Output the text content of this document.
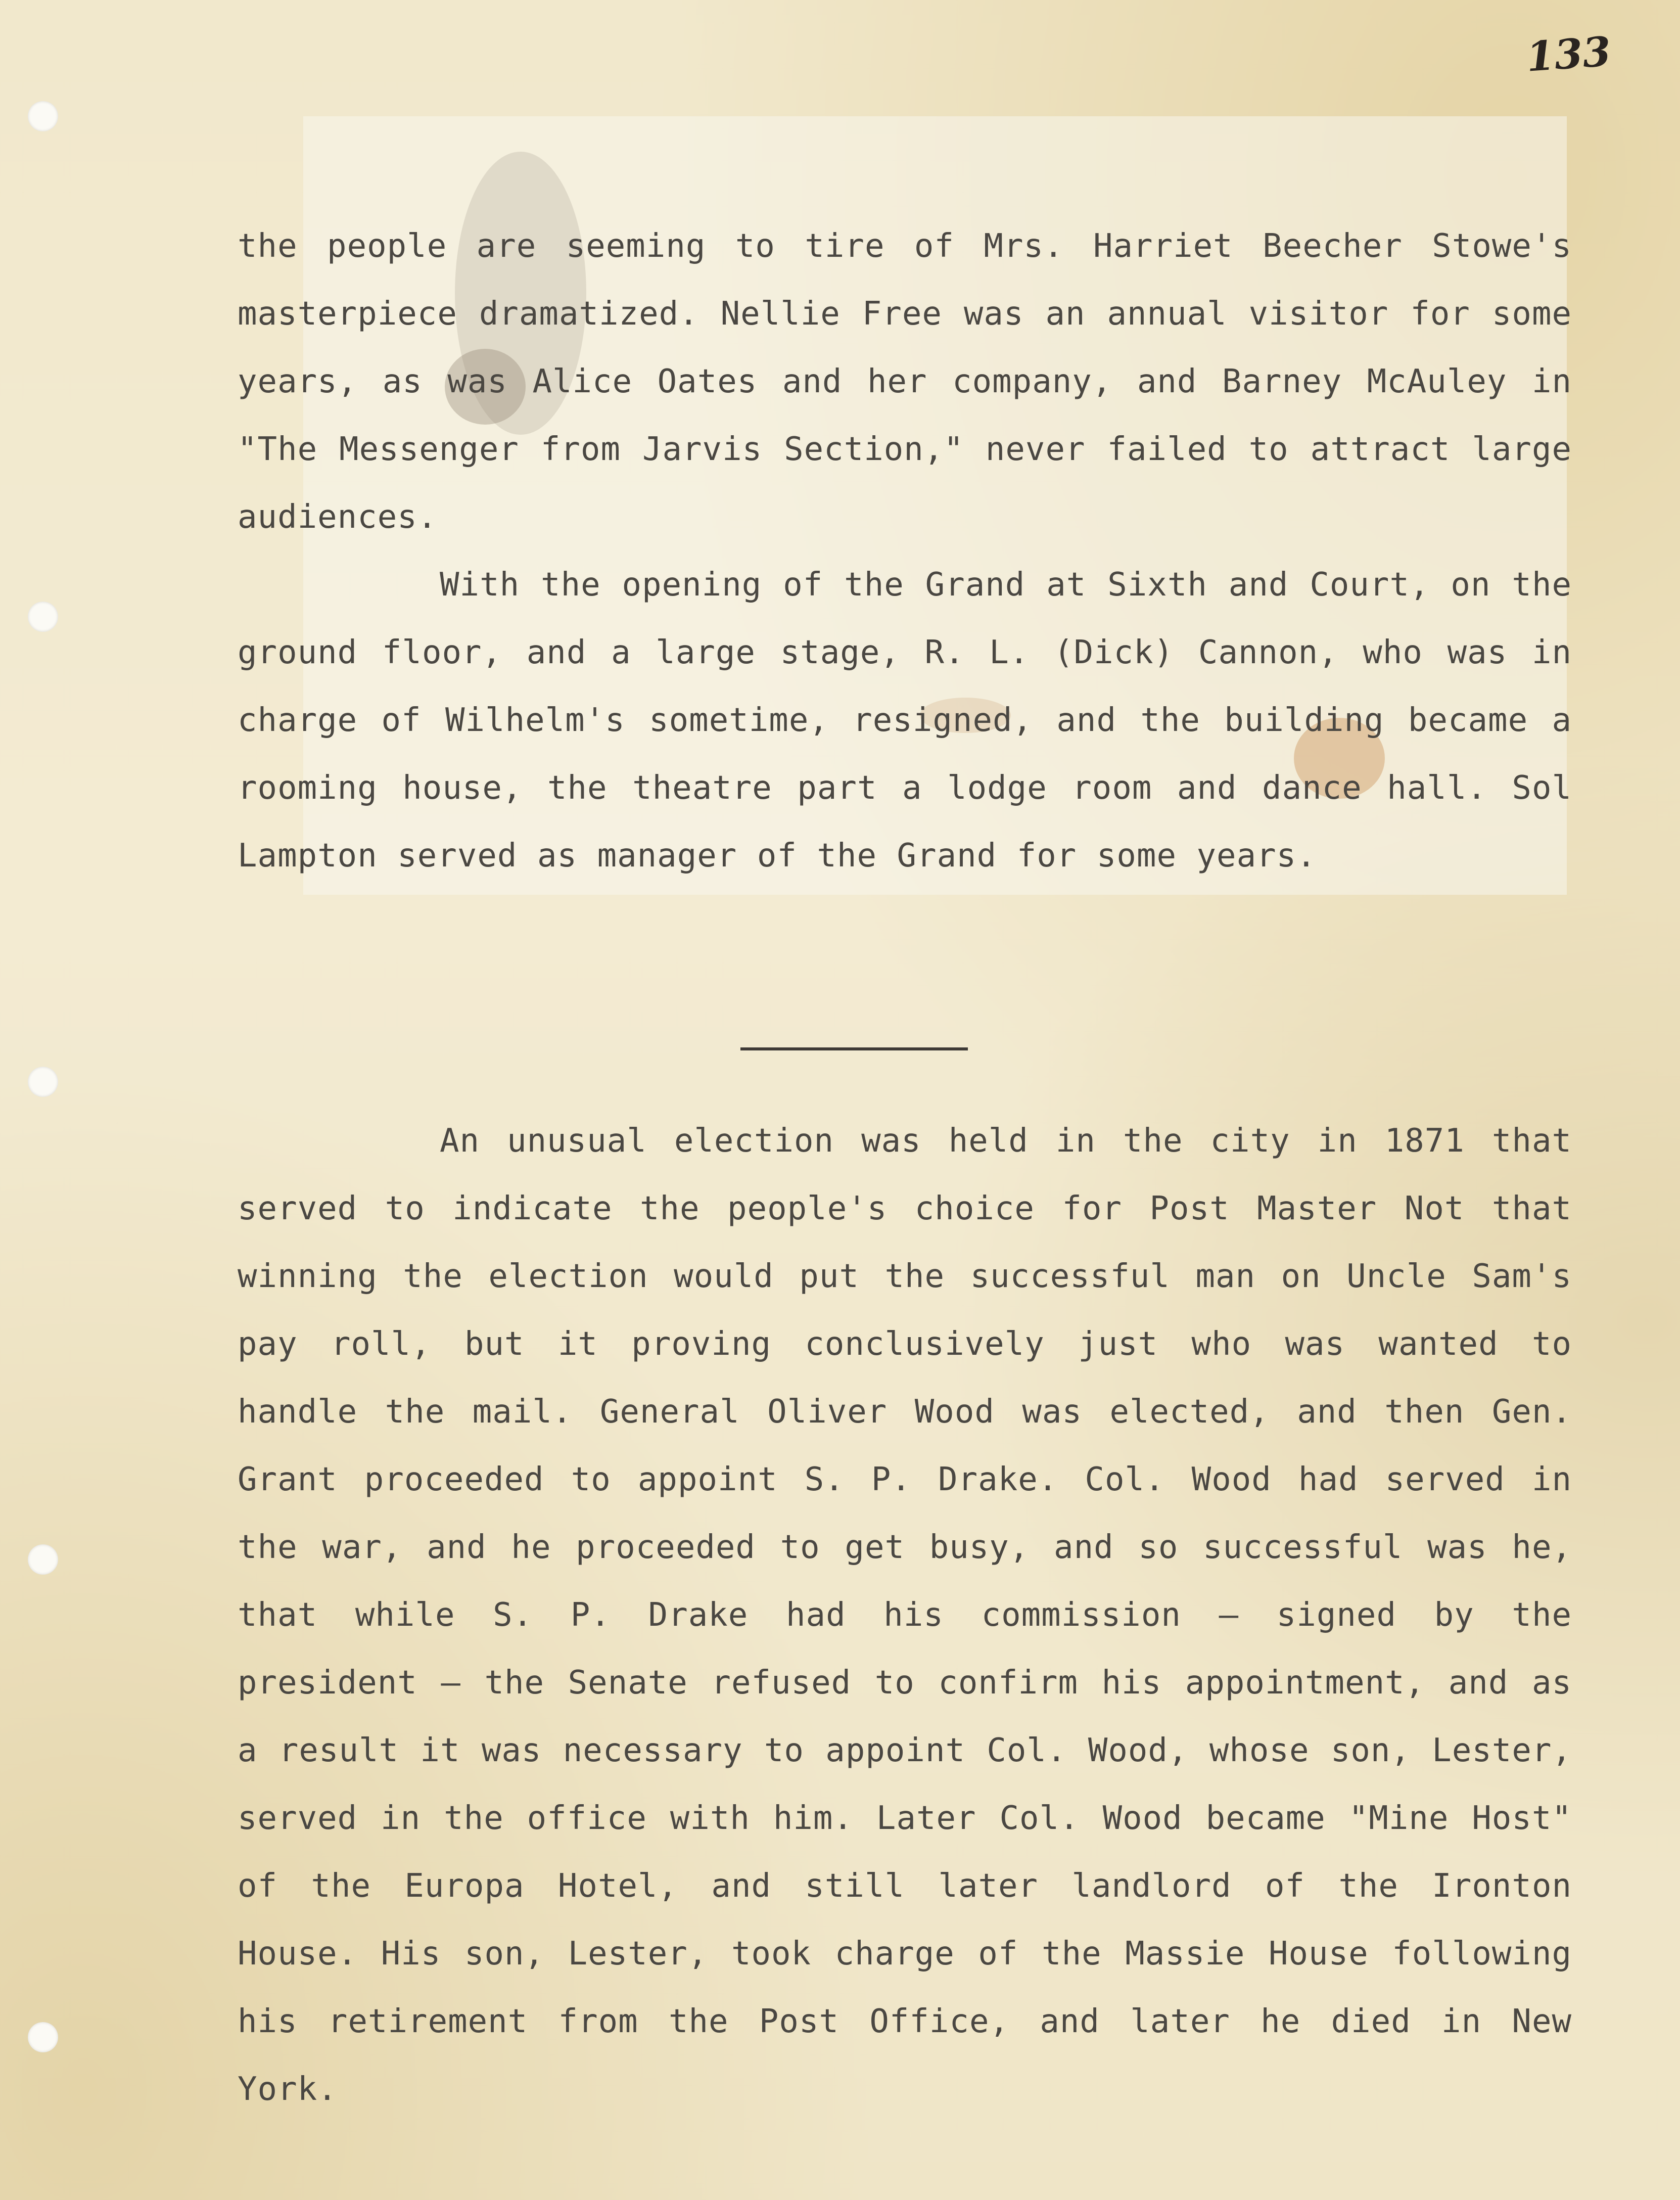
133

the people are seeming to tire of Mrs. Harriet Beecher Stowe's masterpiece dramatized. Nellie Free was an annual visitor for some years, as was Alice Oates and her company, and Barney McAuley in "The Messenger from Jarvis Section," never failed to attract large audiences.

With the opening of the Grand at Sixth and Court, on the ground floor, and a large stage, R. L. (Dick) Cannon, who was in charge of Wilhelm's sometime, resigned, and the building became a rooming house, the theatre part a lodge room and dance hall. Sol Lampton served as manager of the Grand for some years.

An unusual election was held in the city in 1871 that served to indicate the people's choice for Post Master Not that winning the election would put the successful man on Uncle Sam's pay roll, but it proving conclusively just who was wanted to handle the mail. General Oliver Wood was elected, and then Gen. Grant proceeded to appoint S. P. Drake. Col. Wood had served in the war, and he proceeded to get busy, and so successful was he, that while S. P. Drake had his commission — signed by the president — the Senate refused to confirm his appointment, and as a result it was necessary to appoint Col. Wood, whose son, Lester, served in the office with him. Later Col. Wood became "Mine Host" of the Europa Hotel, and still later landlord of the Ironton House. His son, Lester, took charge of the Massie House following his retirement from the Post Office, and later he died in New York.
